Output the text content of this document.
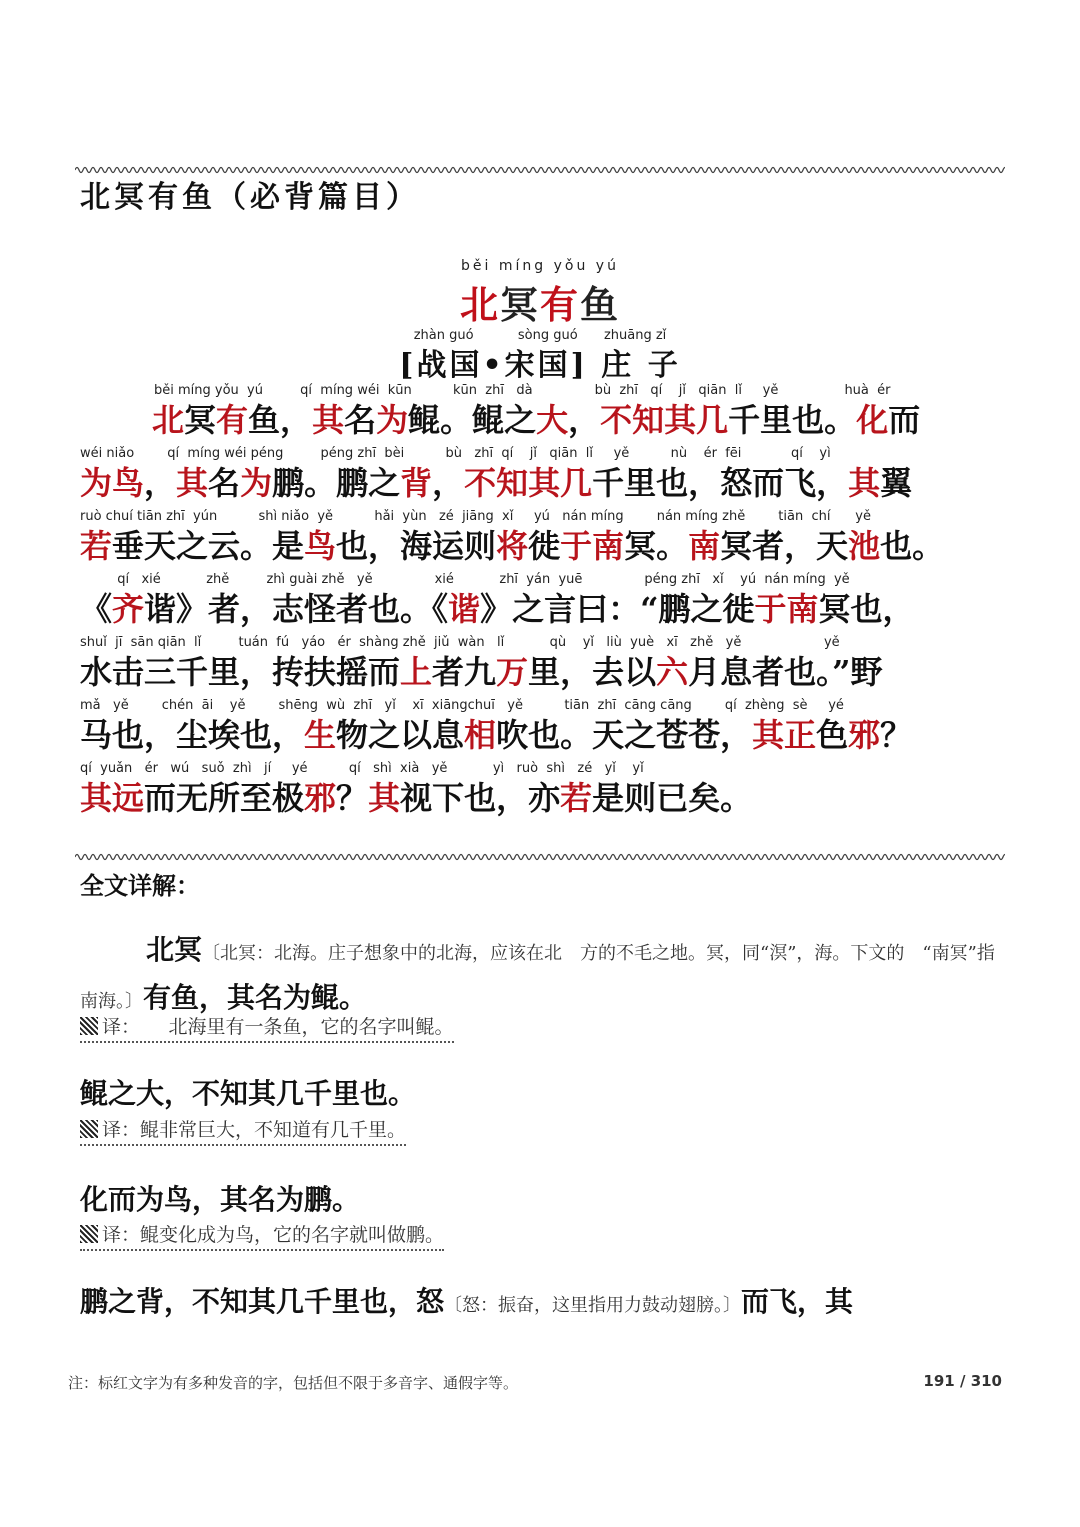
北冥有鱼（必背篇目）
běi míng yǒu yú
北冥有鱼
zhàn guó	sòng guó zhuāng zǐ
[战国•宋国] 庄 子
běi míng yǒu  yú         qí  míng wéi  kūn          kūn  zhī   dà               bù  zhī   qí    jǐ   qiān  lǐ     yě                huà  ér
北冥有鱼，其名为鲲。鲲之大，不知其几千里也。化而
wéi niǎo        qí  míng wéi péng         péng zhī  bèi          bù   zhī  qí    jǐ   qiān  lǐ     yě          nù    ér  fēi            qí    yì
为鸟，其名为鹏。鹏之背，不知其几千里也，怒而飞，其翼
ruò chuí tiān zhī  yún          shì niǎo  yě          hǎi  yùn   zé  jiāng  xǐ     yú   nán míng        nán míng zhě        tiān  chí      yě
若垂天之云。是鸟也，海运则将徙于南冥。南冥者，天池也。
qí   xié           zhě         zhì guài zhě   yě               xié           zhī  yán  yuē               péng zhī   xǐ    yú  nán míng  yě
《齐谐》者，志怪者也。《谐》之言曰：“鹏之徙于南冥也，
shuǐ  jī  sān qiān  lǐ         tuán  fú   yáo   ér  shàng zhě  jiǔ  wàn   lǐ           qù    yǐ   liù  yuè   xī   zhě   yě                    yě
水击三千里，抟扶摇而上者九万里，去以六月息者也。”野
mǎ   yě        chén  āi    yě        shēng  wù  zhī   yǐ    xī  xiāngchuī   yě          tiān  zhī  cāng cāng        qí  zhèng  sè     yé
马也，尘埃也，生物之以息相吹也。天之苍苍，其正色邪？
qí  yuǎn   ér   wú   suǒ  zhì   jí     yé          qí   shì  xià   yě           yì   ruò  shì   zé   yǐ    yǐ
其远而无所至极邪？其视下也，亦若是则已矣。
全文详解：
北冥〔北冥：北海。庄子想象中的北海，应该在北　方的不毛之地。冥，同“溟”，海。下文的　“南冥”指南海。〕有鱼，其名为鲲。
译：　　北海里有一条鱼，它的名字叫鲲。
鲲之大，不知其几千里也。
译：鲲非常巨大，不知道有几千里。
化而为鸟，其名为鹏。
译：鲲变化成为鸟，它的名字就叫做鹏。
鹏之背，不知其几千里也，怒〔怒：振奋，这里指用力鼓动翅膀。〕而飞，其
注：标红文字为有多种发音的字，包括但不限于多音字、通假字等。	191 / 310
